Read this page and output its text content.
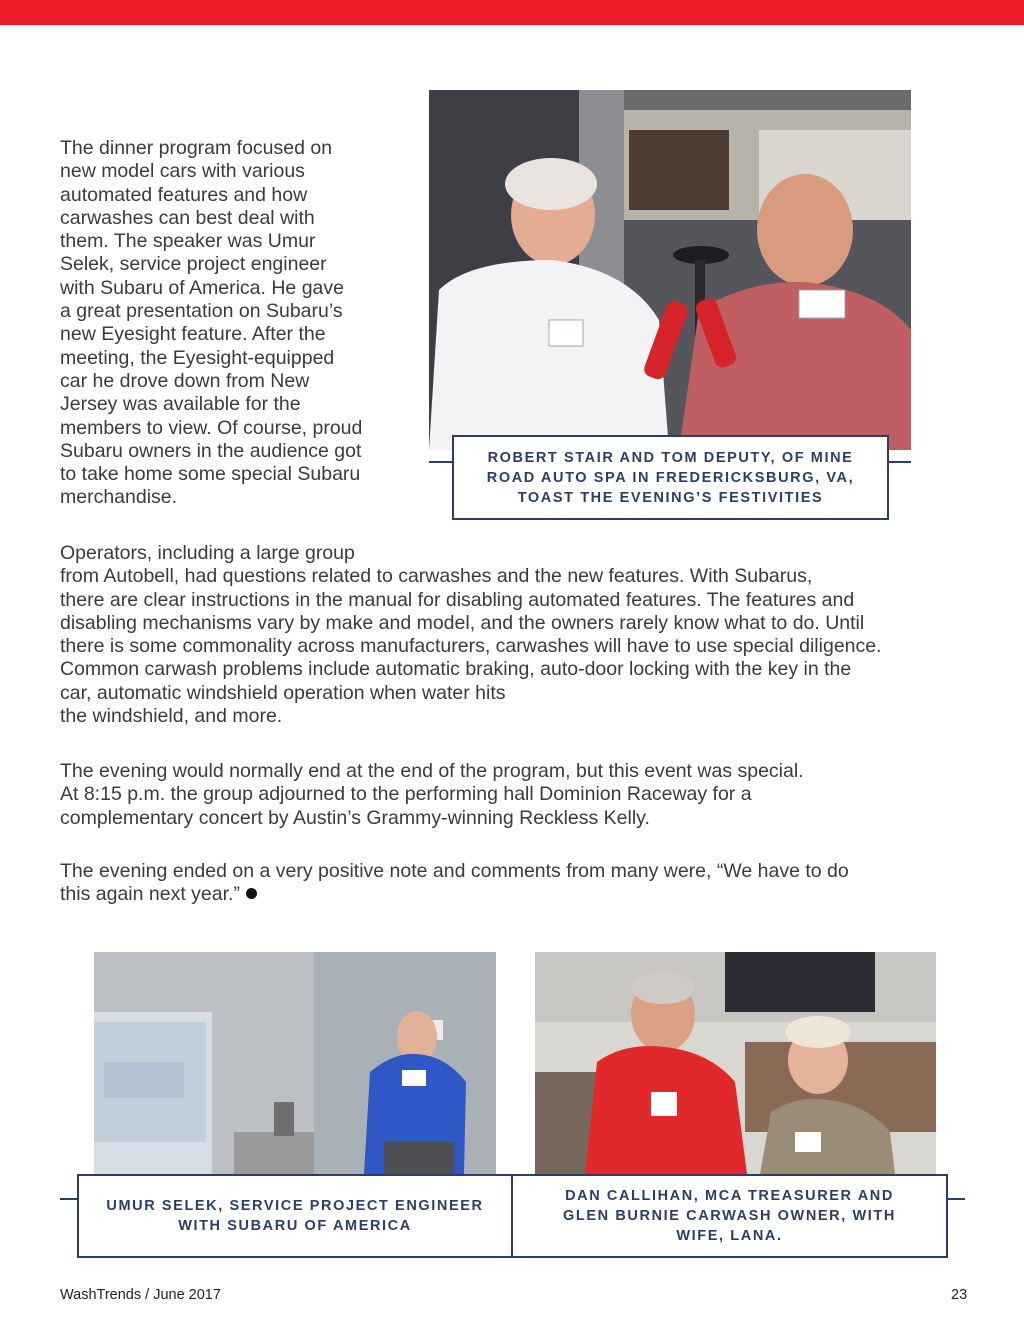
The dinner program focused on
new model cars with various
automated features and how
carwashes can best deal with
them. The speaker was Umur
Selek, service project engineer
with Subaru of America. He gave
a great presentation on Subaru’s
new Eyesight feature. After the
meeting, the Eyesight-equipped
car he drove down from New
Jersey was available for the
members to view. Of course, proud
Subaru owners in the audience got
to take home some special Subaru
merchandise.
ROBERT STAIR AND TOM DEPUTY, OF MINE ROAD AUTO SPA IN FREDERICKSBURG, VA, TOAST THE EVENING’S FESTIVITIES
Operators, including a large group
from Autobell, had questions related to carwashes and the new features. With Subarus,
there are clear instructions in the manual for disabling automated features. The features and
disabling mechanisms vary by make and model, and the owners rarely know what to do. Until
there is some commonality across manufacturers, carwashes will have to use special diligence.
Common carwash problems include automatic braking, auto-door locking with the key in the
car, automatic windshield operation when water hits
the windshield, and more.
The evening would normally end at the end of the program, but this event was special.
At 8:15 p.m. the group adjourned to the performing hall Dominion Raceway for a
complementary concert by Austin’s Grammy-winning Reckless Kelly.
The evening ended on a very positive note and comments from many were, “We have to do
this again next year.”
UMUR SELEK, SERVICE PROJECT ENGINEER WITH SUBARU OF AMERICA
DAN CALLIHAN, MCA TREASURER AND GLEN BURNIE CARWASH OWNER, WITH WIFE, LANA.
WashTrends / June 2017	23
